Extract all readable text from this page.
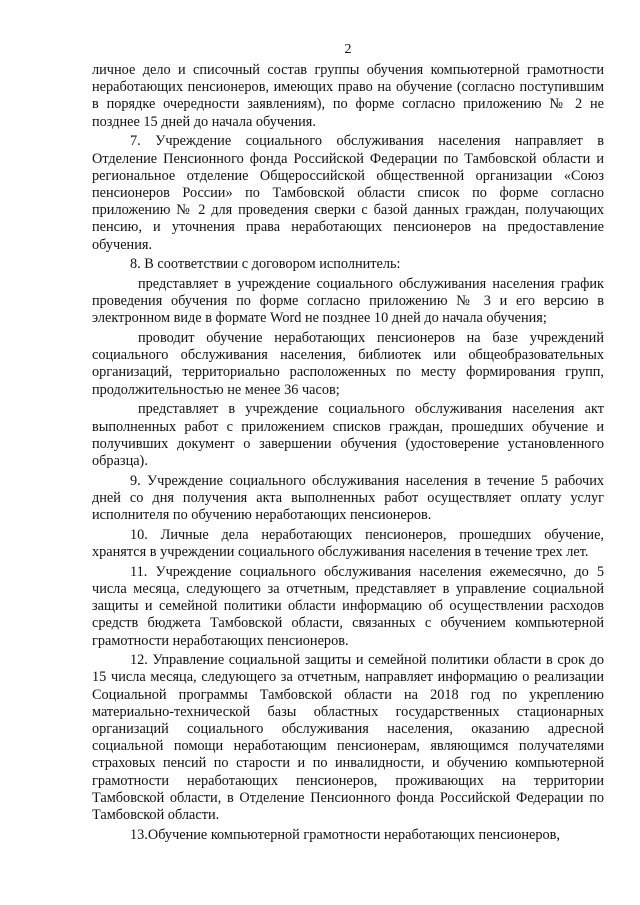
2

личное дело и списочный состав группы обучения компьютерной грамотности неработающих пенсионеров, имеющих право на обучение (согласно поступившим в порядке очередности заявлениям), по форме согласно приложению № 2 не позднее 15 дней до начала обучения.

7. Учреждение социального обслуживания населения направляет в Отделение Пенсионного фонда Российской Федерации по Тамбовской области и региональное отделение Общероссийской общественной организации «Союз пенсионеров России» по Тамбовской области список по форме согласно приложению № 2 для проведения сверки с базой данных граждан, получающих пенсию, и уточнения права неработающих пенсионеров на предоставление обучения.

8. В соответствии с договором исполнитель:

представляет в учреждение социального обслуживания населения график проведения обучения по форме согласно приложению № 3 и его версию в электронном виде в формате Word не позднее 10 дней до начала обучения;

проводит обучение неработающих пенсионеров на базе учреждений социального обслуживания населения, библиотек или общеобразовательных организаций, территориально расположенных по месту формирования групп, продолжительностью не менее 36 часов;

представляет в учреждение социального обслуживания населения акт выполненных работ с приложением списков граждан, прошедших обучение и получивших документ о завершении обучения (удостоверение установленного образца).

9. Учреждение социального обслуживания населения в течение 5 рабочих дней со дня получения акта выполненных работ осуществляет оплату услуг исполнителя по обучению неработающих пенсионеров.

10. Личные дела неработающих пенсионеров, прошедших обучение, хранятся в учреждении социального обслуживания населения в течение трех лет.

11. Учреждение социального обслуживания населения ежемесячно, до 5 числа месяца, следующего за отчетным, представляет в управление социальной защиты и семейной политики области информацию об осуществлении расходов средств бюджета Тамбовской области, связанных с обучением компьютерной грамотности неработающих пенсионеров.

12. Управление социальной защиты и семейной политики области в срок до 15 числа месяца, следующего за отчетным, направляет информацию о реализации Социальной программы Тамбовской области на 2018 год по укреплению материально-технической базы областных государственных стационарных организаций социального обслуживания населения, оказанию адресной социальной помощи неработающим пенсионерам, являющимся получателями страховых пенсий по старости и по инвалидности, и обучению компьютерной грамотности неработающих пенсионеров, проживающих на территории Тамбовской области, в Отделение Пенсионного фонда Российской Федерации по Тамбовской области.

13.Обучение компьютерной грамотности неработающих пенсионеров,
